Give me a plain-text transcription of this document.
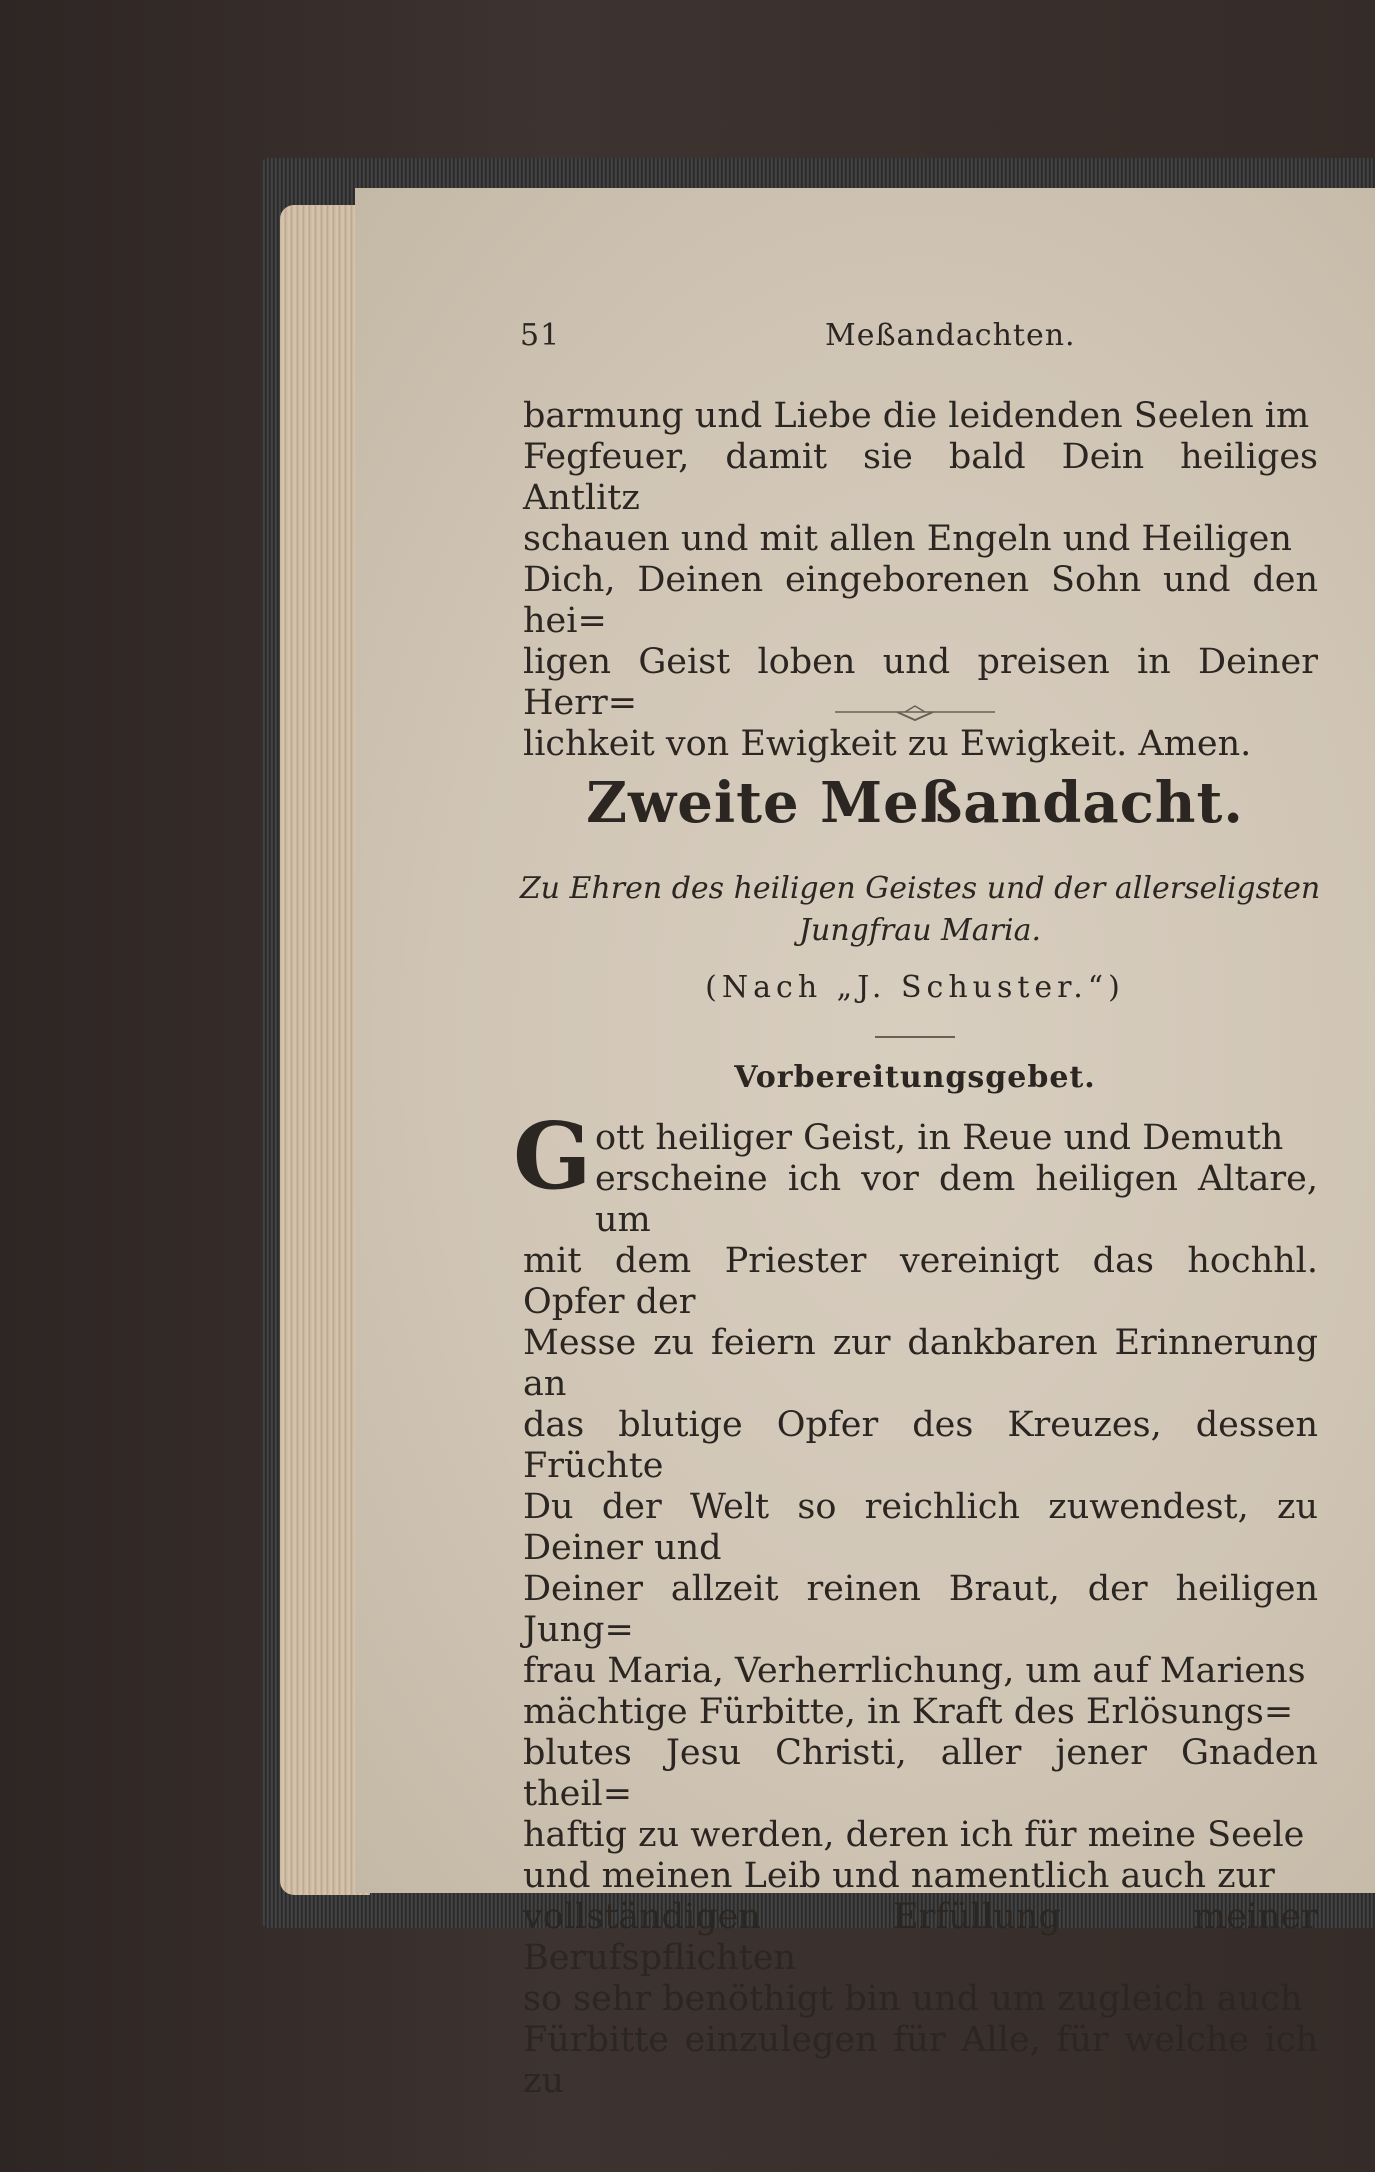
51	Meßandachten.
barmung und Liebe die leidenden Seelen im
Fegfeuer, damit sie bald Dein heiliges Antlitz
schauen und mit allen Engeln und Heiligen
Dich, Deinen eingeborenen Sohn und den hei=
ligen Geist loben und preisen in Deiner Herr=
lichkeit von Ewigkeit zu Ewigkeit. Amen.
Zweite Meßandacht.
Zu Ehren des heiligen Geistes und der allerseligsten
Jungfrau Maria.
(Nach „J. Schuster.“)
Vorbereitungsgebet.
G ott heiliger Geist, in Reue und Demuth
erscheine ich vor dem heiligen Altare, um
mit dem Priester vereinigt das hochhl. Opfer der
Messe zu feiern zur dankbaren Erinnerung an
das blutige Opfer des Kreuzes, dessen Früchte
Du der Welt so reichlich zuwendest, zu Deiner und
Deiner allzeit reinen Braut, der heiligen Jung=
frau Maria, Verherrlichung, um auf Mariens
mächtige Fürbitte, in Kraft des Erlösungs=
blutes Jesu Christi, aller jener Gnaden theil=
haftig zu werden, deren ich für meine Seele
und meinen Leib und namentlich auch zur
vollständigen Erfüllung meiner Berufspflichten
so sehr benöthigt bin und um zugleich auch
Fürbitte einzulegen für Alle, für welche ich zu
